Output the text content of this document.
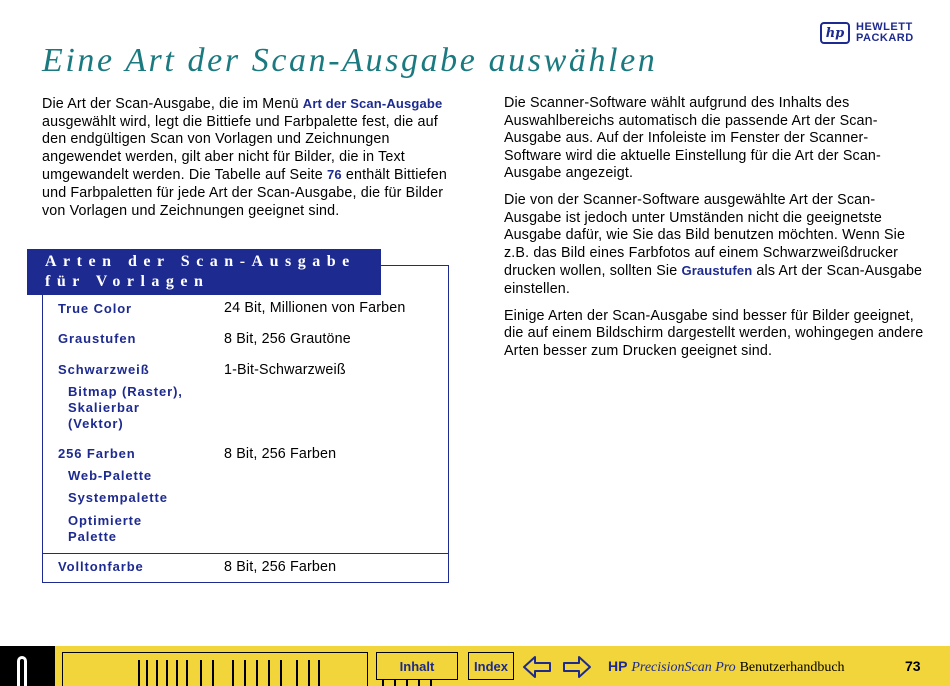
hp	HEWLETT
PACKARD
Eine Art der Scan-Ausgabe auswählen

Die Art der Scan-Ausgabe, die im Menü Art der Scan-Ausgabe ausgewählt wird, legt die Bittiefe und Farbpalette fest, die auf den endgültigen Scan von Vorlagen und Zeichnungen angewendet werden, gilt aber nicht für Bilder, die in Text umgewandelt werden. Die Tabelle auf Seite 76 enthält Bittiefen und Farbpaletten für jede Art der Scan-Ausgabe, die für Bilder von Vorlagen und Zeichnungen geeignet sind.

Die Scanner-Software wählt aufgrund des Inhalts des Auswahlbereichs automatisch die passende Art der Scan-Ausgabe aus. Auf der Infoleiste im Fenster der Scanner-Software wird die aktuelle Einstellung für die Art der Scan-Ausgabe angezeigt.

Die von der Scanner-Software ausgewählte Art der Scan-Ausgabe ist jedoch unter Umständen nicht die geeignetste Ausgabe dafür, wie Sie das Bild benutzen möchten. Wenn Sie z.B. das Bild eines Farbfotos auf einem Schwarzweißdrucker drucken wollen, sollten Sie Graustufen als Art der Scan-Ausgabe einstellen.

Einige Arten der Scan-Ausgabe sind besser für Bilder geeignet, die auf einem Bildschirm dargestellt werden, wohingegen andere Arten besser zum Drucken geeignet sind.

Arten der Scan-Ausgabe
für Vorlagen
True Color	24 Bit, Millionen von Farben
Graustufen	8 Bit, 256 Grautöne
Schwarzweiß	1-Bit-Schwarzweiß
Bitmap (Raster),
Skalierbar
(Vektor)
256 Farben	8 Bit, 256 Farben
Web-Palette
Systempalette
Optimierte
Palette
Volltonfarbe	8 Bit, 256 Farben
Inhalt	Index	HP PrecisionScan Pro Benutzerhandbuch	73
